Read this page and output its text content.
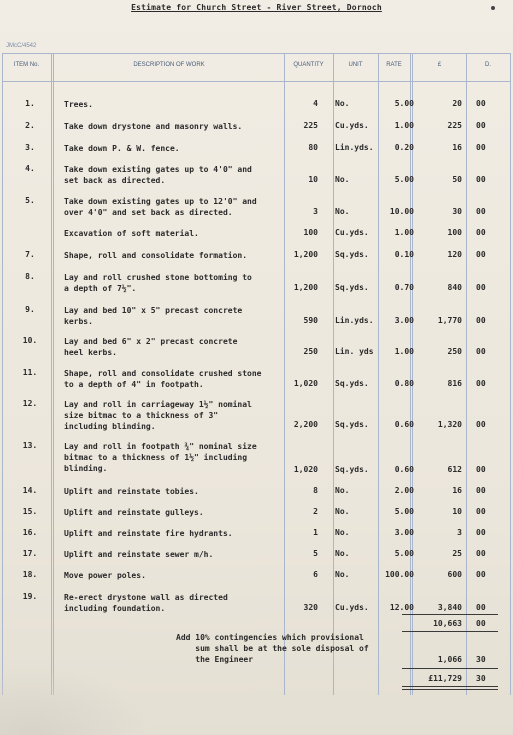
Estimate for Church Street - River Street, Dornoch
JMcC/4542
ITEM No.	DESCRIPTION OF WORK	QUANTITY	UNIT	RATE	£	D.
1.	Trees.	4 No.	5.00	20 00
2.	Take down drystone and masonry walls.	225 Cu.yds.	1.00	225 00
3.	Take down P. & W. fence.	80 Lin.yds.	0.20	16 00
4.	Take down existing gates up to 4'0" and
set back as directed.	10 No.	5.00	50 00
5.	Take down existing gates up to 12'0" and
over 4'0" and set back as directed.	3 No.	10.00	30 00
Excavation of soft material.	100 Cu.yds.	1.00	100 00
7.	Shape, roll and consolidate formation.	1,200 Sq.yds.	0.10	120 00
8.	Lay and roll crushed stone bottoming to
a depth of 7½".	1,200 Sq.yds.	0.70	840 00
9.	Lay and bed 10" x 5" precast concrete
kerbs.	590 Lin.yds.	3.00	1,770 00
10.	Lay and bed 6" x 2" precast concrete
heel kerbs.	250 Lin. yds	1.00	250 00
11.	Shape, roll and consolidate crushed stone
to a depth of 4" in footpath.	1,020 Sq.yds.	0.80	816 00
12.	Lay and roll in carriageway 1½" nominal
size bitmac to a thickness of 3"
including blinding.	2,200 Sq.yds.	0.60	1,320 00
13.	Lay and roll in footpath ¾" nominal size
bitmac to a thickness of 1½" including
blinding.	1,020 Sq.yds.	0.60	612 00
14.	Uplift and reinstate tobies.	8 No.	2.00	16 00
15.	Uplift and reinstate gulleys.	2 No.	5.00	10 00
16.	Uplift and reinstate fire hydrants.	1 No.	3.00	3 00
17.	Uplift and reinstate sewer m/h.	5 No.	5.00	25 00
18.	Move power poles.	6 No.	100.00	600 00
19.	Re-erect drystone wall as directed
including foundation.	320 Cu.yds.	12.00	3,840 00
10,663 00
Add 10% contingencies which provisional
sum shall be at the sole disposal of
the Engineer	1,066 30
£11,729 30
